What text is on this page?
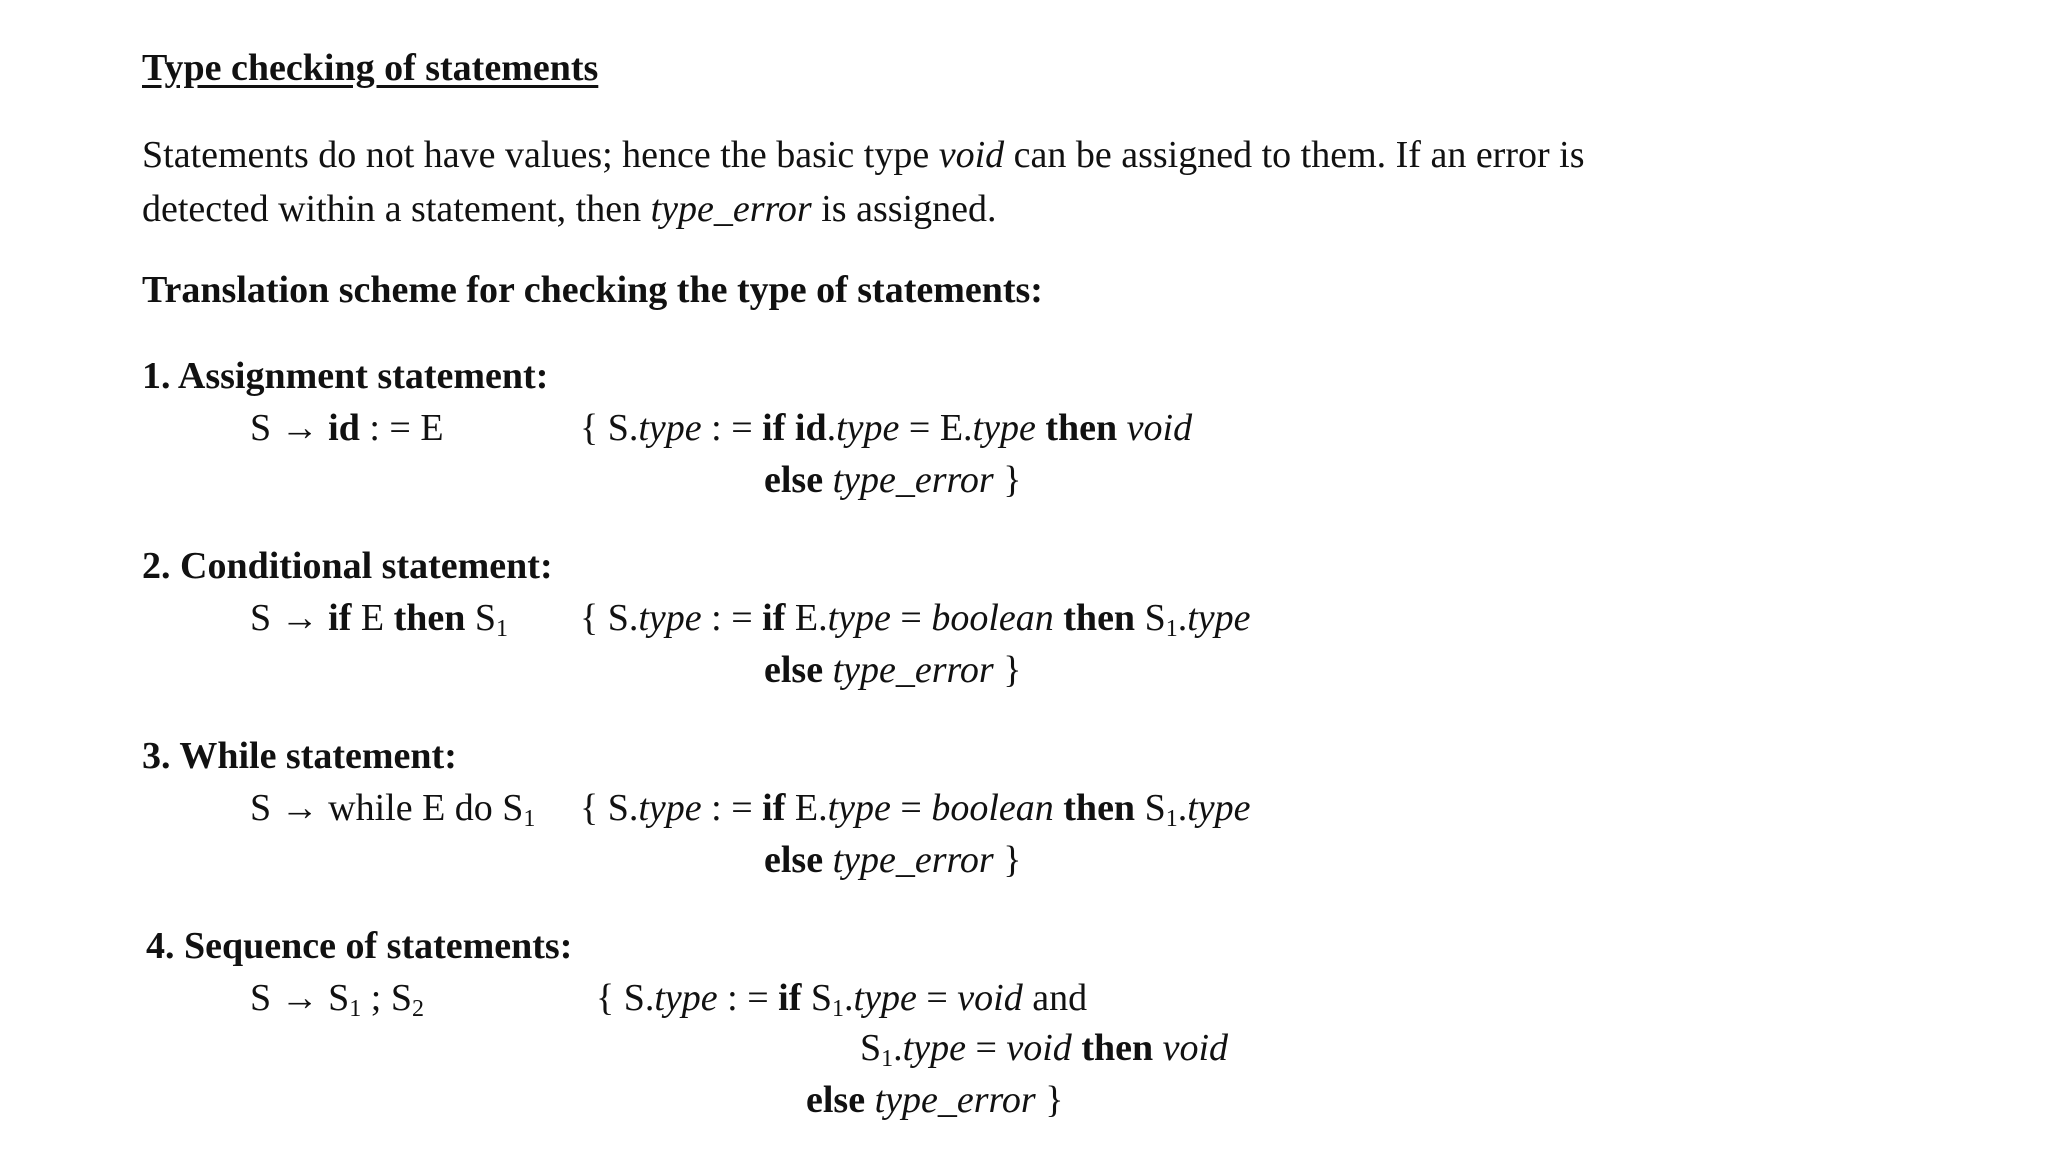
Type checking of statements
Statements do not have values; hence the basic type void can be assigned to them. If an error is
detected within a statement, then type_error is assigned.
Translation scheme for checking the type of statements:
1. Assignment statement:
S → id : = E	{ S.type : = if id.type = E.type then void
else type_error }
2. Conditional statement:
S → if E then $S_1$ { S.type : = if E.type = boolean then $S_1.type$
else type_error }
3. While statement:
S → while E do $S_1$ { S.type : = if E.type = boolean then $S_1.type$
else type_error }
4. Sequence of statements:
$S \to S_1$ ; $S_2$	{ S.type : = if $S_1.type$ = void and
$S_1.type$ = void then void
else type_error }
